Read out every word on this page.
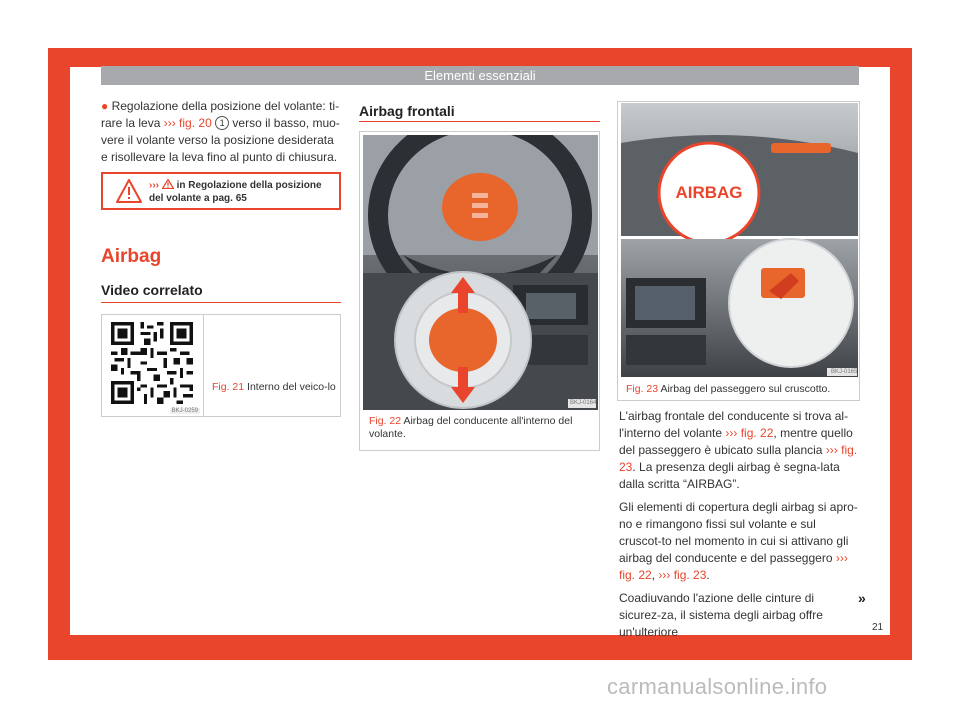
Elementi essenziali
● Regolazione della posizione del volante: ti-rare la leva ››› fig. 20 1 verso il basso, muo-vere il volante verso la posizione desiderata e risollevare la leva fino al punto di chiusura.
››› in Regolazione della posizione del volante a pag. 65
Airbag
Video correlato
BKJ-0259
Fig. 21 Interno del veico-lo
Airbag frontali
BKJ-0164
Fig. 22 Airbag del conducente all'interno del volante.
AIRBAG
BKJ-0165
Fig. 23 Airbag del passeggero sul cruscotto.

L'airbag frontale del conducente si trova al-l'interno del volante ››› fig. 22, mentre quello del passeggero è ubicato sulla plancia ››› fig. 23. La presenza degli airbag è segna-lata dalla scritta “AIRBAG”.

Gli elementi di copertura degli airbag si apro-no e rimangono fissi sul volante e sul cruscot-to nel momento in cui si attivano gli airbag del conducente e del passeggero ››› fig. 22, ››› fig. 23.

Coadiuvando l'azione delle cinture di sicurez-za, il sistema degli airbag offre un'ulteriore

»
21
carmanualsonline.info
